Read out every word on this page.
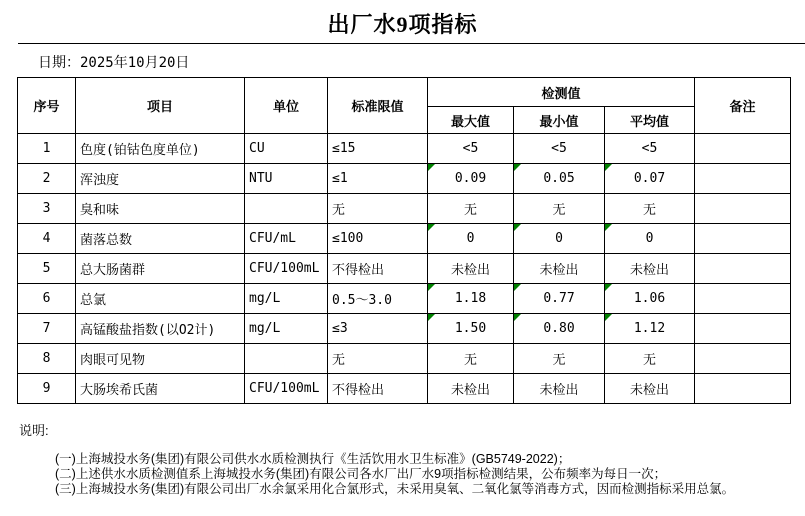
出厂水9项指标
日期：2025年10月20日
序号	项目	单位	标准限值	检测值			备注
				最大值	最小值	平均值	
1	色度(铂钴色度单位)	CU	≤15	<5	<5	<5	
2	浑浊度	NTU	≤1	0.09	0.05	0.07	
3	臭和味		无	无	无	无	
4	菌落总数	CFU/mL	≤100	0	0	0	
5	总大肠菌群	CFU/100mL	不得检出	未检出	未检出	未检出	
6	总氯	mg/L	0.5～3.0	1.18	0.77	1.06	
7	高锰酸盐指数(以O2计)	mg/L	≤3	1.50	0.80	1.12	
8	肉眼可见物		无	无	无	无	
9	大肠埃希氏菌	CFU/100mL	不得检出	未检出	未检出	未检出	
说明:
(一)上海城投水务(集团)有限公司供水水质检测执行《生活饮用水卫生标准》(GB5749-2022)；
(二)上述供水水质检测值系上海城投水务(集团)有限公司各水厂出厂水9项指标检测结果，公布频率为每日一次；
(三)上海城投水务(集团)有限公司出厂水余氯采用化合氯形式，未采用臭氧、二氧化氯等消毒方式，因而检测指标采用总氯。
